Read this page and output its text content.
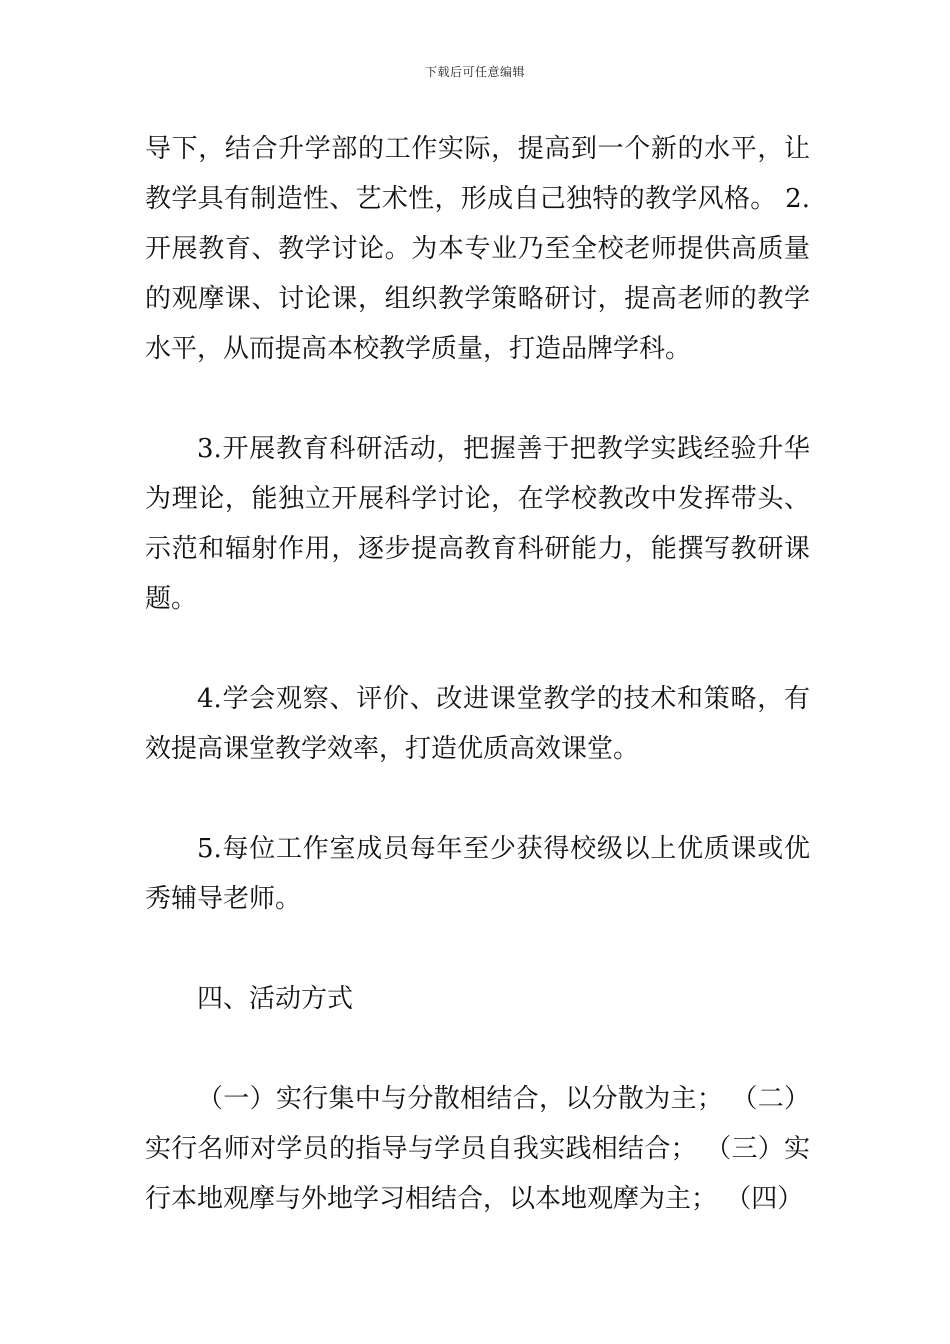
下载后可任意编辑

导下，结合升学部的工作实际，提高到一个新的水平，让教学具有制造性、艺术性，形成自己独特的教学风格。 2.开展教育、教学讨论。为本专业乃至全校老师提供高质量的观摩课、讨论课，组织教学策略研讨，提高老师的教学水平，从而提高本校教学质量，打造品牌学科。

3.开展教育科研活动，把握善于把教学实践经验升华为理论，能独立开展科学讨论，在学校教改中发挥带头、示范和辐射作用，逐步提高教育科研能力，能撰写教研课题。

4.学会观察、评价、改进课堂教学的技术和策略，有效提高课堂教学效率，打造优质高效课堂。

5.每位工作室成员每年至少获得校级以上优质课或优秀辅导老师。

四、活动方式

（一）实行集中与分散相结合，以分散为主； （二）实行名师对学员的指导与学员自我实践相结合； （三）实行本地观摩与外地学习相结合，以本地观摩为主； （四）
